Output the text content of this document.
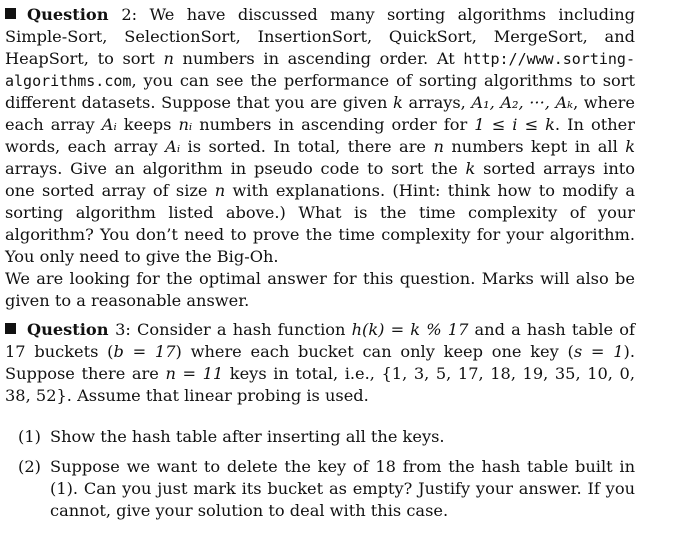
Question 2: We have discussed many sorting algorithms including Simple-Sort, SelectionSort, InsertionSort, QuickSort, MergeSort, and HeapSort, to sort n numbers in ascending order. At http://www.sorting-algorithms.com, you can see the performance of sorting algorithms to sort different datasets. Suppose that you are given k arrays, A₁, A₂, ···, Aₖ, where each array Aᵢ keeps nᵢ numbers in ascending order for 1 ≤ i ≤ k. In other words, each array Aᵢ is sorted. In total, there are n numbers kept in all k arrays. Give an algorithm in pseudo code to sort the k sorted arrays into one sorted array of size n with explanations. (Hint: think how to modify a sorting algorithm listed above.) What is the time complexity of your algorithm? You don’t need to prove the time complexity for your algorithm. You only need to give the Big-Oh.

We are looking for the optimal answer for this question. Marks will also be given to a reasonable answer.

Question 3: Consider a hash function h(k) = k % 17 and a hash table of 17 buckets (b = 17) where each bucket can only keep one key (s = 1). Suppose there are n = 11 keys in total, i.e., {1, 3, 5, 17, 18, 19, 35, 10, 0, 38, 52}. Assume that linear probing is used.

(1) Show the hash table after inserting all the keys.

(2) Suppose we want to delete the key of 18 from the hash table built in (1). Can you just mark its bucket as empty? Justify your answer. If you cannot, give your solution to deal with this case.
